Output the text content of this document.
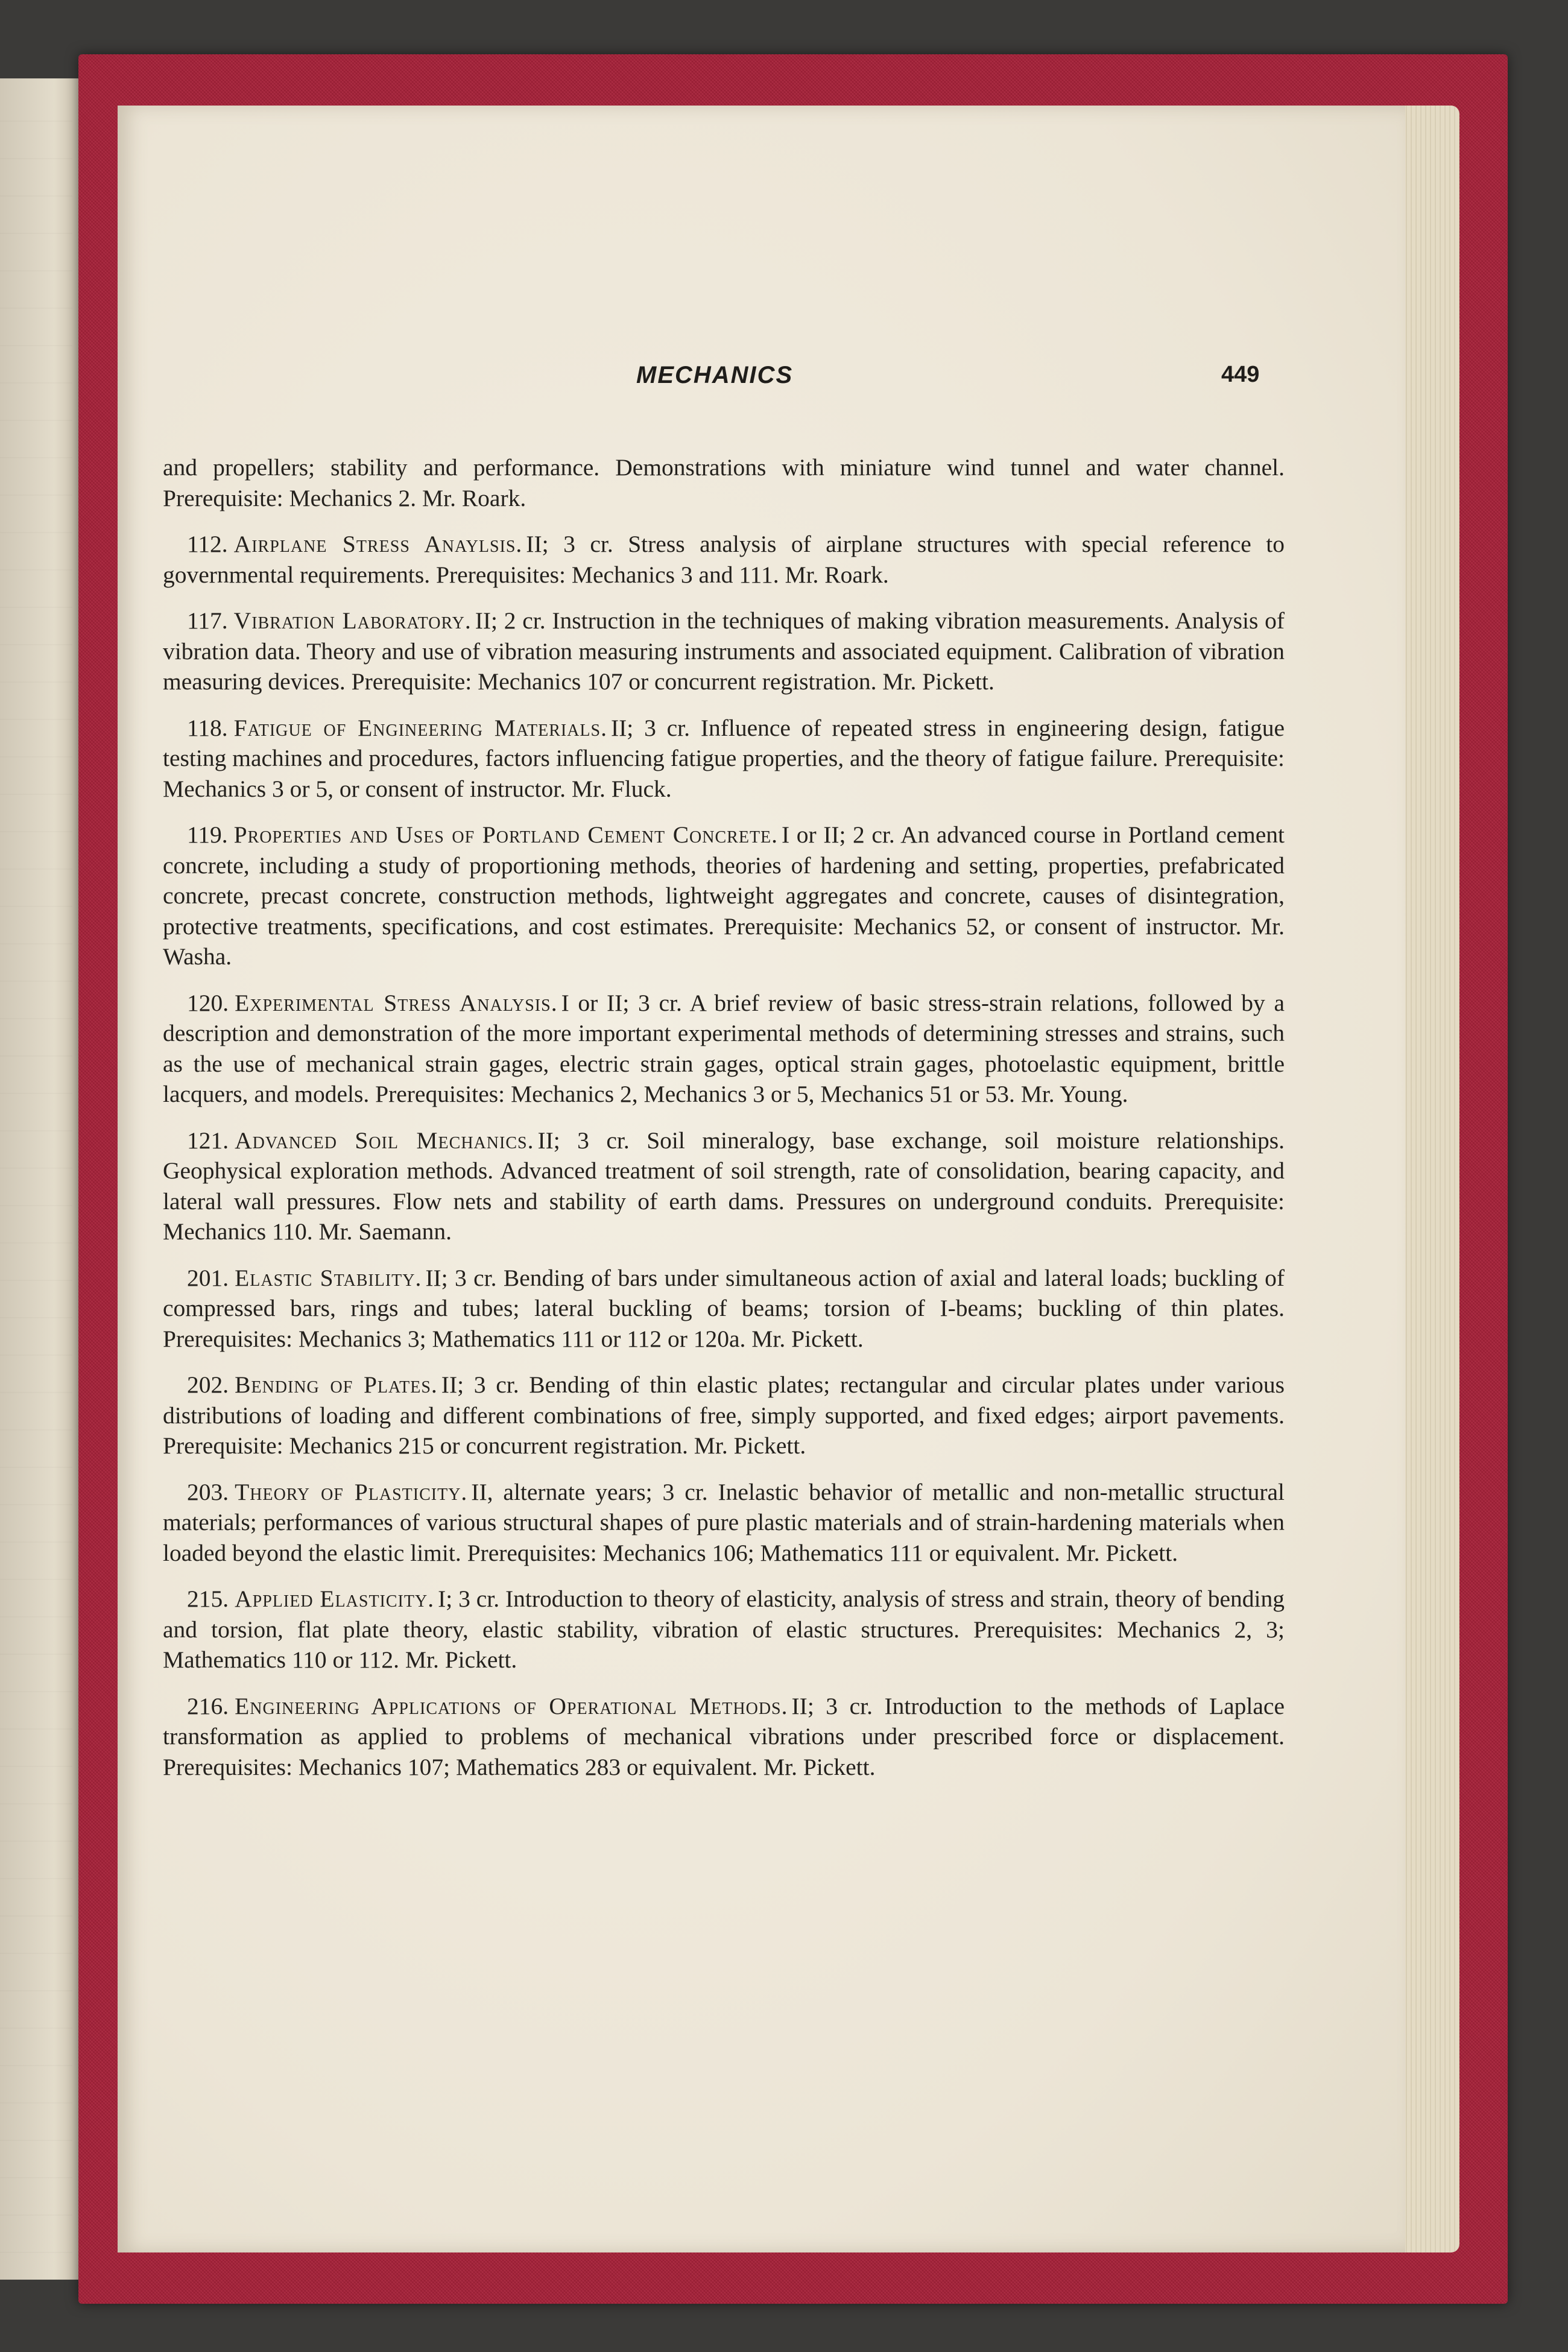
MECHANICS	449

and propellers; stability and performance. Demonstrations with miniature wind tunnel and water channel. Prerequisite: Mechanics 2. Mr. Roark.

112. Airplane Stress Anaylsis. II; 3 cr. Stress analysis of airplane structures with special reference to governmental requirements. Prerequisites: Mechanics 3 and 111. Mr. Roark.

117. Vibration Laboratory. II; 2 cr. Instruction in the techniques of making vibration measurements. Analysis of vibration data. Theory and use of vibration measuring instruments and associated equipment. Calibration of vibration measuring devices. Prerequisite: Mechanics 107 or concurrent registration. Mr. Pickett.

118. Fatigue of Engineering Materials. II; 3 cr. Influence of repeated stress in engineering design, fatigue testing machines and procedures, factors influencing fatigue properties, and the theory of fatigue failure. Prerequisite: Mechanics 3 or 5, or consent of instructor. Mr. Fluck.

119. Properties and Uses of Portland Cement Concrete. I or II; 2 cr. An advanced course in Portland cement concrete, including a study of proportioning methods, theories of hardening and setting, properties, prefabricated concrete, precast concrete, construction methods, lightweight aggregates and concrete, causes of disintegration, protective treatments, specifications, and cost estimates. Prerequisite: Mechanics 52, or consent of instructor. Mr. Washa.

120. Experimental Stress Analysis. I or II; 3 cr. A brief review of basic stress-strain relations, followed by a description and demonstration of the more important experimental methods of determining stresses and strains, such as the use of mechanical strain gages, electric strain gages, optical strain gages, photoelastic equipment, brittle lacquers, and models. Prerequisites: Mechanics 2, Mechanics 3 or 5, Mechanics 51 or 53. Mr. Young.

121. Advanced Soil Mechanics. II; 3 cr. Soil mineralogy, base exchange, soil moisture relationships. Geophysical exploration methods. Advanced treatment of soil strength, rate of consolidation, bearing capacity, and lateral wall pressures. Flow nets and stability of earth dams. Pressures on underground conduits. Prerequisite: Mechanics 110. Mr. Saemann.

201. Elastic Stability. II; 3 cr. Bending of bars under simultaneous action of axial and lateral loads; buckling of compressed bars, rings and tubes; lateral buckling of beams; torsion of I-beams; buckling of thin plates. Prerequisites: Mechanics 3; Mathematics 111 or 112 or 120a. Mr. Pickett.

202. Bending of Plates. II; 3 cr. Bending of thin elastic plates; rectangular and circular plates under various distributions of loading and different combinations of free, simply supported, and fixed edges; airport pavements. Prerequisite: Mechanics 215 or concurrent registration. Mr. Pickett.

203. Theory of Plasticity. II, alternate years; 3 cr. Inelastic behavior of metallic and non-metallic structural materials; performances of various structural shapes of pure plastic materials and of strain-hardening materials when loaded beyond the elastic limit. Prerequisites: Mechanics 106; Mathematics 111 or equivalent. Mr. Pickett.

215. Applied Elasticity. I; 3 cr. Introduction to theory of elasticity, analysis of stress and strain, theory of bending and torsion, flat plate theory, elastic stability, vibration of elastic structures. Prerequisites: Mechanics 2, 3; Mathematics 110 or 112. Mr. Pickett.

216. Engineering Applications of Operational Methods. II; 3 cr. Introduction to the methods of Laplace transformation as applied to problems of mechanical vibrations under prescribed force or displacement. Prerequisites: Mechanics 107; Mathematics 283 or equivalent. Mr. Pickett.
